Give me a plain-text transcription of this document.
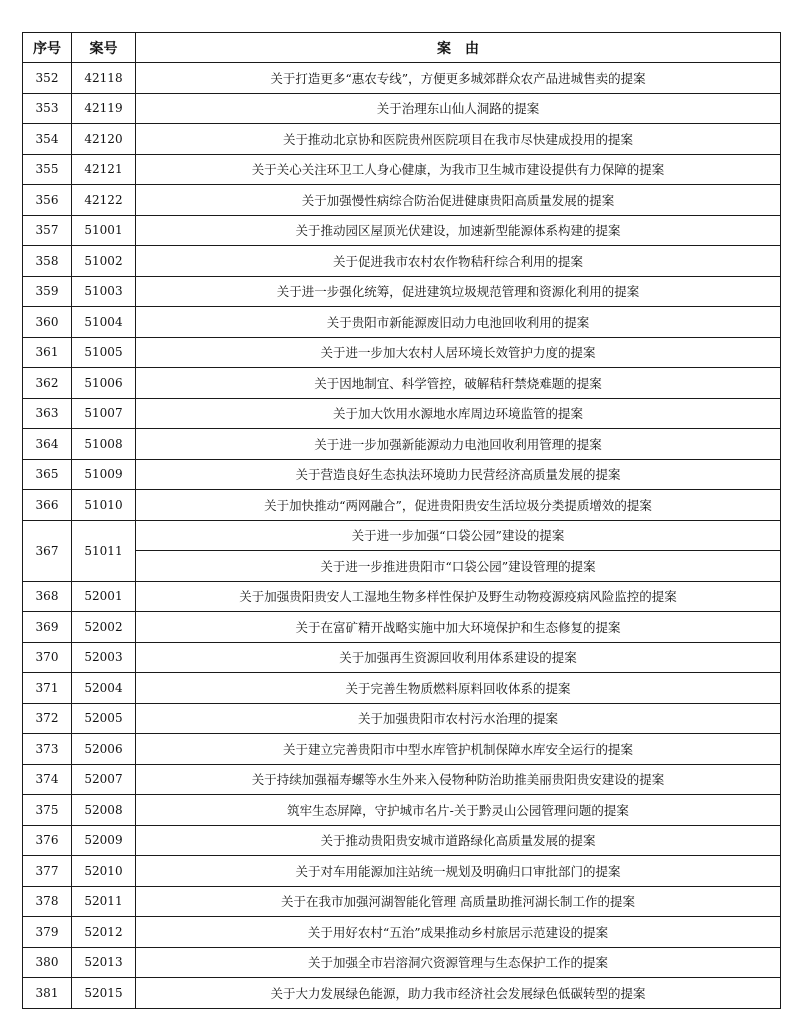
序号	案号	案　由
352	42118	关于打造更多“惠农专线”，方便更多城郊群众农产品进城售卖的提案
353	42119	关于治理东山仙人洞路的提案
354	42120	关于推动北京协和医院贵州医院项目在我市尽快建成投用的提案
355	42121	关于关心关注环卫工人身心健康，为我市卫生城市建设提供有力保障的提案
356	42122	关于加强慢性病综合防治促进健康贵阳高质量发展的提案
357	51001	关于推动园区屋顶光伏建设，加速新型能源体系构建的提案
358	51002	关于促进我市农村农作物秸秆综合利用的提案
359	51003	关于进一步强化统筹，促进建筑垃圾规范管理和资源化利用的提案
360	51004	关于贵阳市新能源废旧动力电池回收利用的提案
361	51005	关于进一步加大农村人居环境长效管护力度的提案
362	51006	关于因地制宜、科学管控，破解秸秆禁烧难题的提案
363	51007	关于加大饮用水源地水库周边环境监管的提案
364	51008	关于进一步加强新能源动力电池回收利用管理的提案
365	51009	关于营造良好生态执法环境助力民营经济高质量发展的提案
366	51010	关于加快推动“两网融合”，促进贵阳贵安生活垃圾分类提质增效的提案
367	51011	关于进一步加强“口袋公园”建设的提案
		关于进一步推进贵阳市“口袋公园”建设管理的提案
368	52001	关于加强贵阳贵安人工湿地生物多样性保护及野生动物疫源疫病风险监控的提案
369	52002	关于在富矿精开战略实施中加大环境保护和生态修复的提案
370	52003	关于加强再生资源回收利用体系建设的提案
371	52004	关于完善生物质燃料原料回收体系的提案
372	52005	关于加强贵阳市农村污水治理的提案
373	52006	关于建立完善贵阳市中型水库管护机制保障水库安全运行的提案
374	52007	关于持续加强福寿螺等水生外来入侵物种防治助推美丽贵阳贵安建设的提案
375	52008	筑牢生态屏障，守护城市名片-关于黔灵山公园管理问题的提案
376	52009	关于推动贵阳贵安城市道路绿化高质量发展的提案
377	52010	关于对车用能源加注站统一规划及明确归口审批部门的提案
378	52011	关于在我市加强河湖智能化管理 高质量助推河湖长制工作的提案
379	52012	关于用好农村“五治”成果推动乡村旅居示范建设的提案
380	52013	关于加强全市岩溶洞穴资源管理与生态保护工作的提案
381	52015	关于大力发展绿色能源，助力我市经济社会发展绿色低碳转型的提案
